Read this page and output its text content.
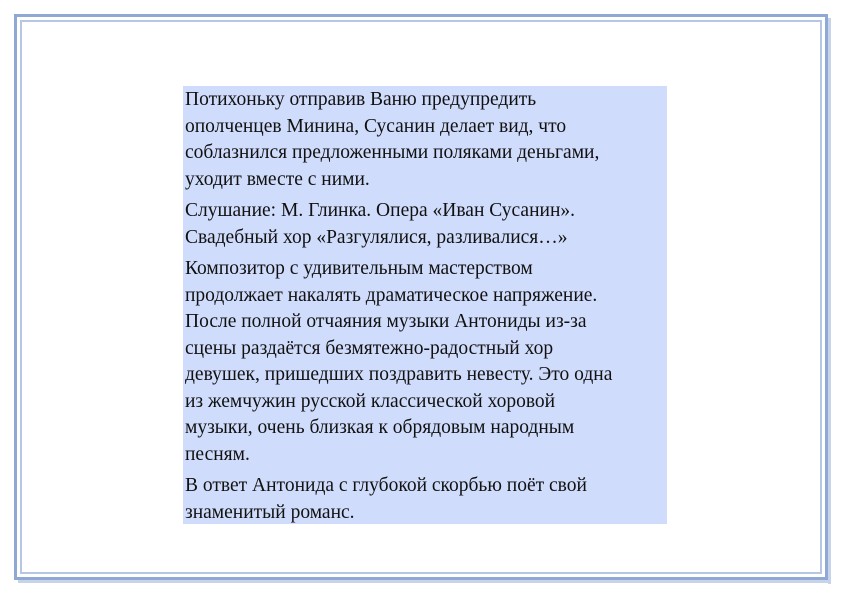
Потихоньку отправив Ваню предупредить
ополченцев Минина, Сусанин делает вид, что
соблазнился предложенными поляками деньгами,
уходит вместе с ними.

Слушание: М. Глинка. Опера «Иван Сусанин».
Свадебный хор «Разгулялися, разливалися…»

Композитор с удивительным мастерством
продолжает накалять драматическое напряжение.
После полной отчаяния музыки Антониды из-за
сцены раздаётся безмятежно-радостный хор
девушек, пришедших поздравить невесту. Это одна
из жемчужин русской классической хоровой
музыки, очень близкая к обрядовым народным
песням.

В ответ Антонида с глубокой скорбью поёт свой
знаменитый романс.
